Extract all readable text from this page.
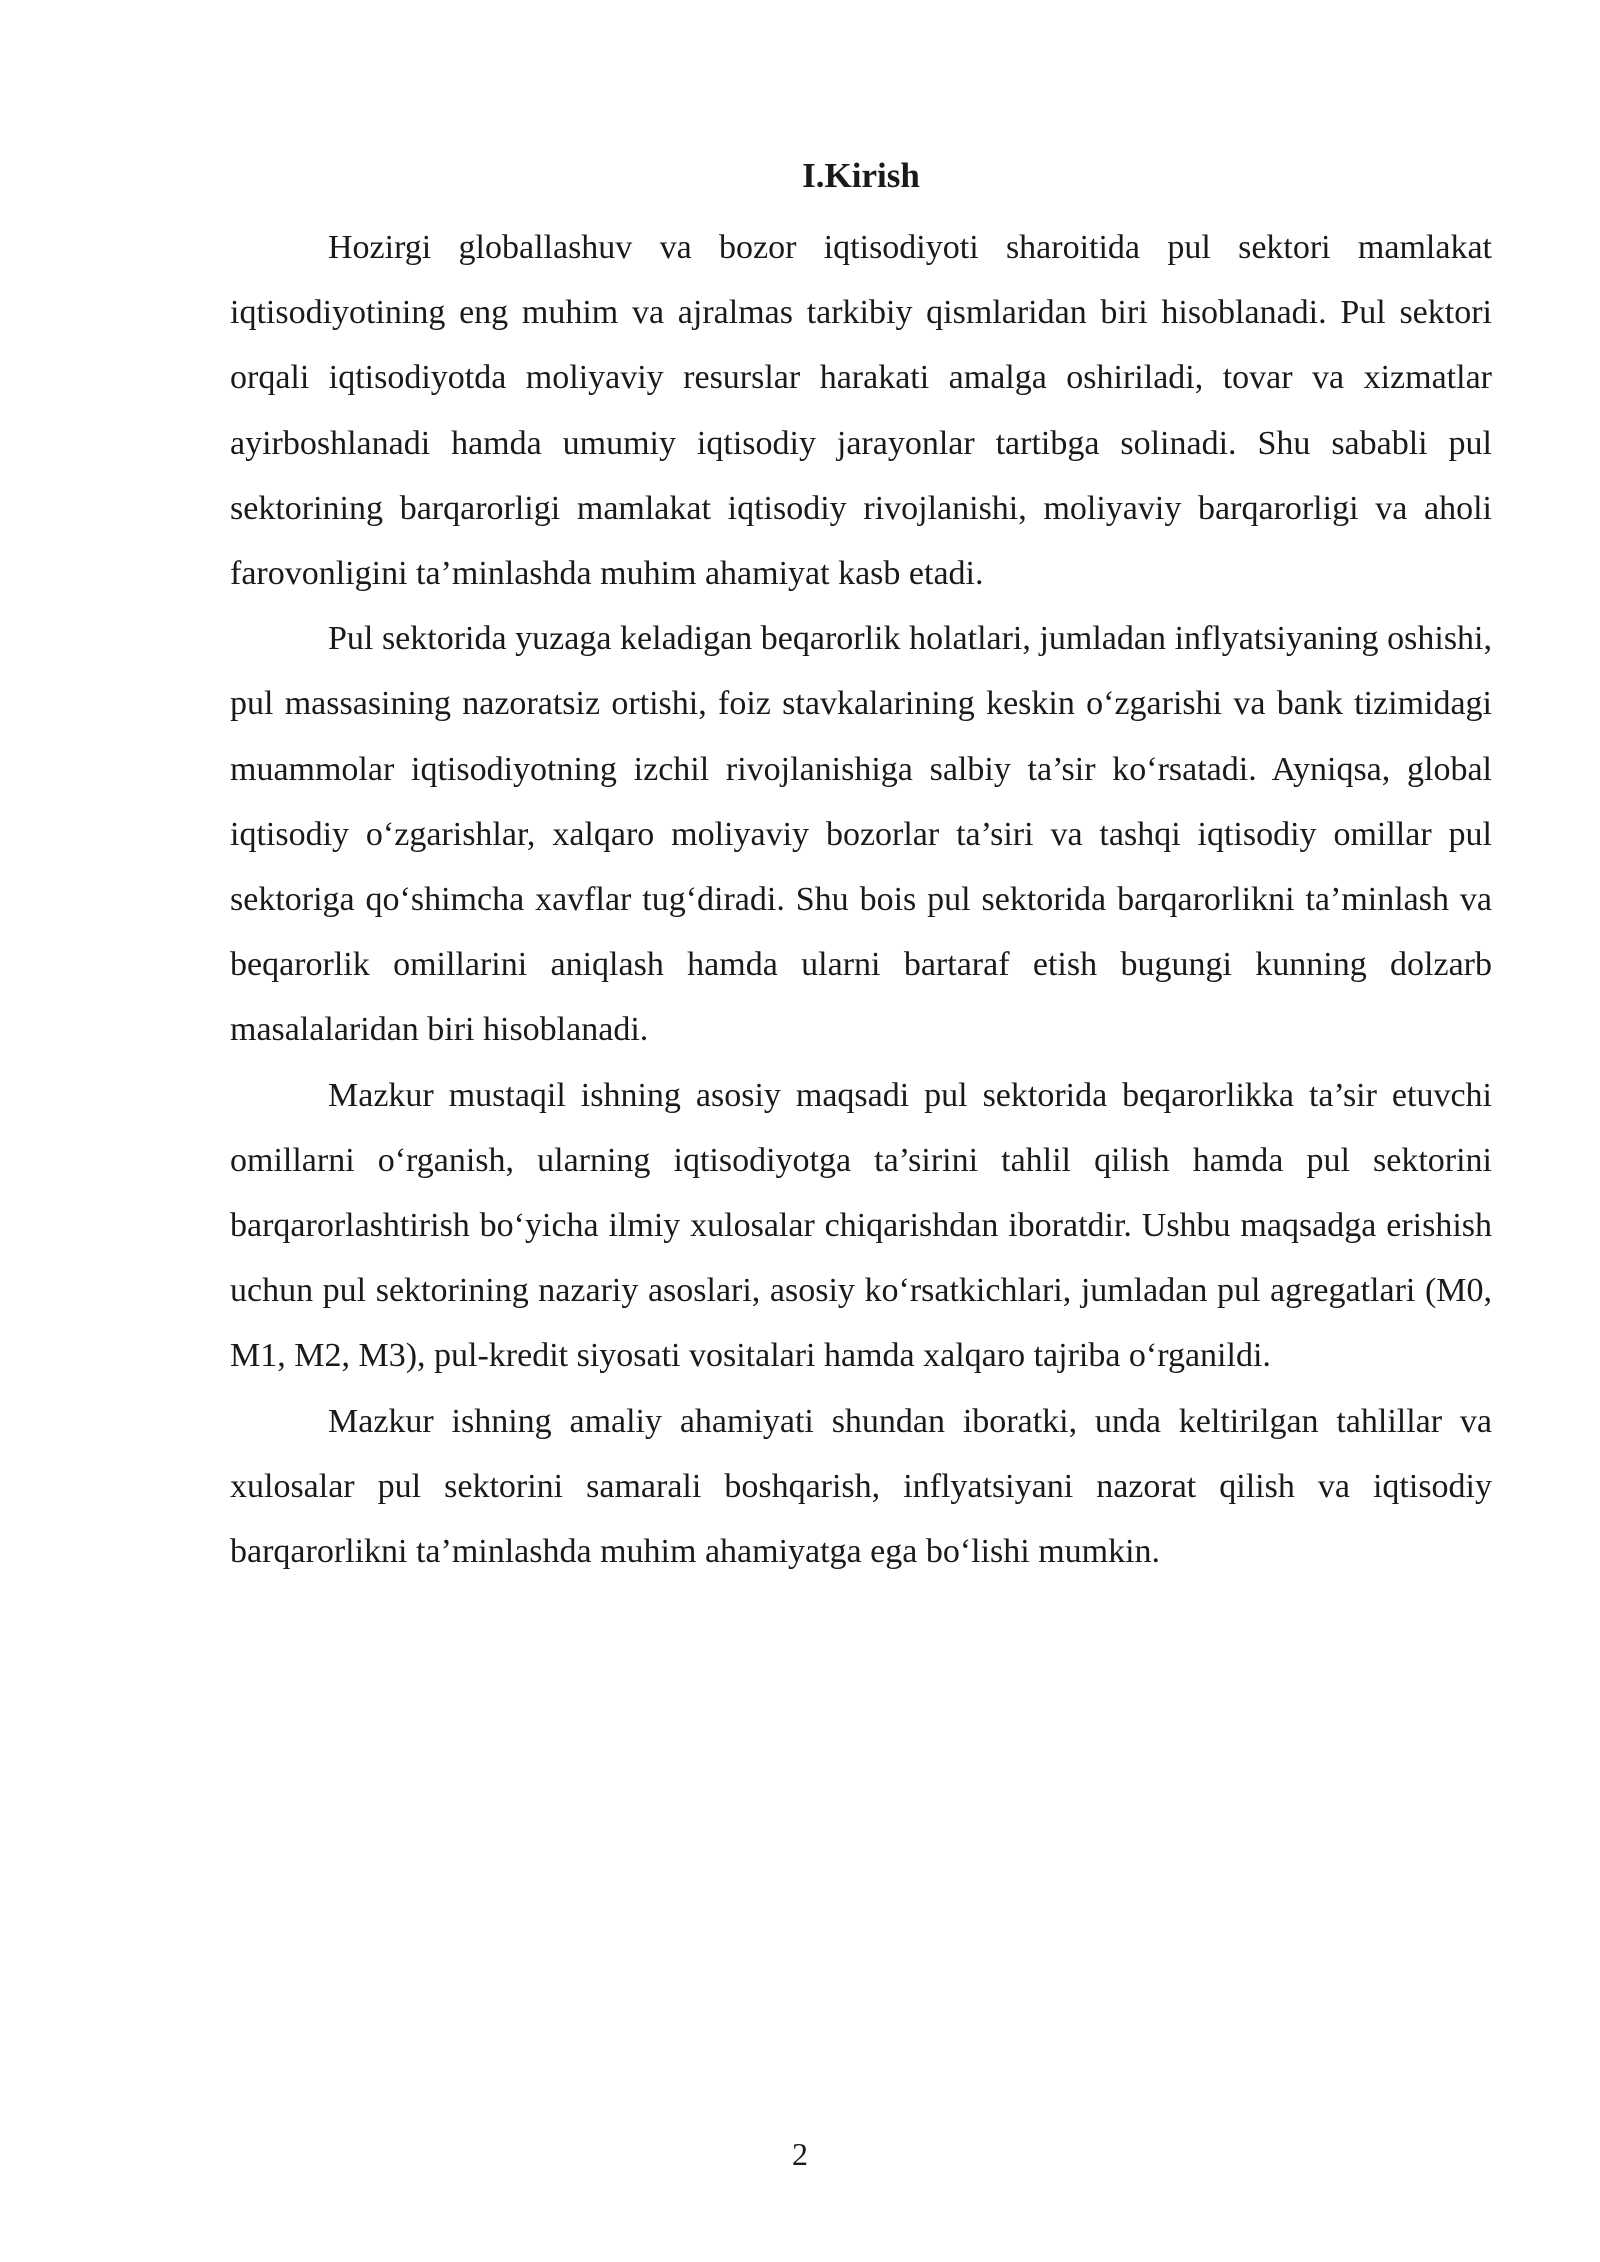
I.Kirish

Hozirgi globallashuv va bozor iqtisodiyoti sharoitida pul sektori mamlakat iqtisodiyotining eng muhim va ajralmas tarkibiy qismlaridan biri hisoblanadi. Pul sektori orqali iqtisodiyotda moliyaviy resurslar harakati amalga oshiriladi, tovar va xizmatlar ayirboshlanadi hamda umumiy iqtisodiy jarayonlar tartibga solinadi. Shu sababli pul sektorining barqarorligi mamlakat iqtisodiy rivojlanishi, moliyaviy barqarorligi va aholi farovonligini ta’minlashda muhim ahamiyat kasb etadi.

Pul sektorida yuzaga keladigan beqarorlik holatlari, jumladan inflyatsiyaning oshishi, pul massasining nazoratsiz ortishi, foiz stavkalarining keskin o‘zgarishi va bank tizimidagi muammolar iqtisodiyotning izchil rivojlanishiga salbiy ta’sir ko‘rsatadi. Ayniqsa, global iqtisodiy o‘zgarishlar, xalqaro moliyaviy bozorlar ta’siri va tashqi iqtisodiy omillar pul sektoriga qo‘shimcha xavflar tug‘diradi. Shu bois pul sektorida barqarorlikni ta’minlash va beqarorlik omillarini aniqlash hamda ularni bartaraf etish bugungi kunning dolzarb masalalaridan biri hisoblanadi.

Mazkur mustaqil ishning asosiy maqsadi pul sektorida beqarorlikka ta’sir etuvchi omillarni o‘rganish, ularning iqtisodiyotga ta’sirini tahlil qilish hamda pul sektorini barqarorlashtirish bo‘yicha ilmiy xulosalar chiqarishdan iboratdir. Ushbu maqsadga erishish uchun pul sektorining nazariy asoslari, asosiy ko‘rsatkichlari, jumladan pul agregatlari (M0, M1, M2, M3), pul-kredit siyosati vositalari hamda xalqaro tajriba o‘rganildi.

Mazkur ishning amaliy ahamiyati shundan iboratki, unda keltirilgan tahlillar va xulosalar pul sektorini samarali boshqarish, inflyatsiyani nazorat qilish va iqtisodiy barqarorlikni ta’minlashda muhim ahamiyatga ega bo‘lishi mumkin.

2
